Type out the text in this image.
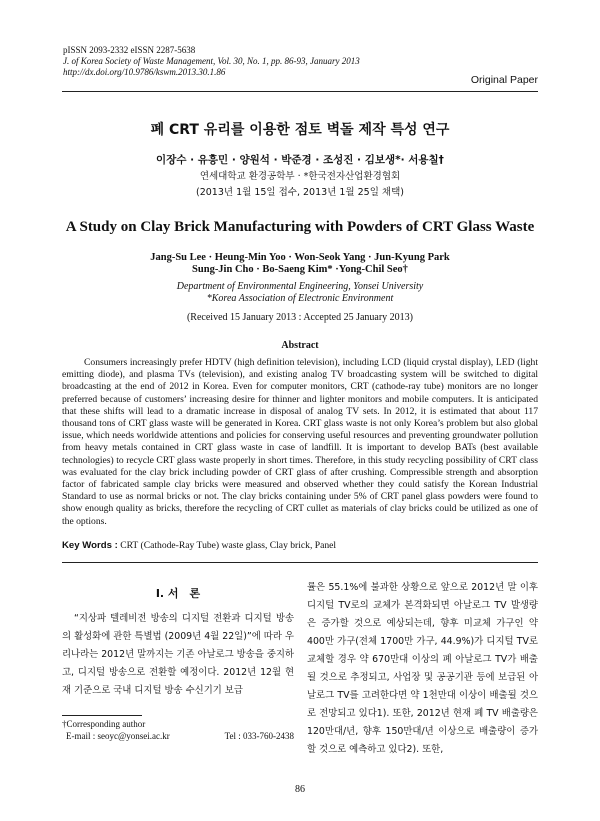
pISSN 2093-2332 eISSN 2287-5638
J. of Korea Society of Waste Management, Vol. 30, No. 1, pp. 86-93, January 2013
http://dx.doi.org/10.9786/kswm.2013.30.1.86
Original Paper
폐 CRT 유리를 이용한 점토 벽돌 제작 특성 연구
이장수 · 유흥민 · 양원석 · 박준경 · 조성진 · 김보생*· 서용칠†
연세대학교 환경공학부 · *한국전자산업환경협회
(2013년 1월 15일 접수, 2013년 1월 25일 채택)
A Study on Clay Brick Manufacturing with Powders of CRT Glass Waste
Jang-Su Lee · Heung-Min Yoo · Won-Seok Yang · Jun-Kyung Park
Sung-Jin Cho · Bo-Saeng Kim* ·Yong-Chil Seo†
Department of Environmental Engineering, Yonsei University
*Korea Association of Electronic Environment
(Received 15 January 2013 : Accepted 25 January 2013)
Abstract

Consumers increasingly prefer HDTV (high definition television), including LCD (liquid crystal display), LED (light emitting diode), and plasma TVs (television), and existing analog TV broadcasting system will be switched to digital broadcasting at the end of 2012 in Korea. Even for computer monitors, CRT (cathode-ray tube) monitors are no longer preferred because of customers’ increasing desire for thinner and lighter monitors and mobile computers. It is anticipated that these shifts will lead to a dramatic increase in disposal of analog TV sets. In 2012, it is estimated that about 117 thousand tons of CRT glass waste will be generated in Korea. CRT glass waste is not only Korea’s problem but also global issue, which needs worldwide attentions and policies for conserving useful resources and preventing groundwater pollution from heavy metals contained in CRT glass waste in case of landfill. It is important to develop BATs (best available technologies) to recycle CRT glass waste properly in short times. Therefore, in this study recycling possibility of CRT class was evaluated for the clay brick including powder of CRT glass of after crushing. Compressible strength and absorption factor of fabricated sample clay bricks were measured and observed whether they could satisfy the Korean Industrial Standard to use as normal bricks or not. The clay bricks containing under 5% of CRT panel glass powders were found to show enough quality as bricks, therefore the recycling of CRT cullet as materials of clay bricks could be utilized as one of the options.

Key Words : CRT (Cathode-Ray Tube) waste glass, Clay brick, Panel
I. 서　론

“지상파 텔레비전 방송의 디지털 전환과 디지털 방송의 활성화에 관한 특별법 (2009년 4월 22일)”에 따라 우리나라는 2012년 말까지는 기존 아날로그 방송을 중지하고, 디지털 방송으로 전환할 예정이다. 2012년 12월 현재 기준으로 국내 디지털 방송 수신기기 보급

률은 55.1%에 불과한 상황으로 앞으로 2012년 말 이후 디지털 TV로의 교체가 본격화되면 아날로그 TV 발생량은 증가할 것으로 예상되는데, 향후 미교체 가구인 약 400만 가구(전체 1700만 가구, 44.9%)가 디지털 TV로 교체할 경우 약 670만대 이상의 폐 아날로그 TV가 배출될 것으로 추정되고, 사업장 및 공공기관 등에 보급된 아날로그 TV를 고려한다면 약 1천만대 이상이 배출될 것으로 전망되고 있다1). 또한, 2012년 현재 폐 TV 배출량은 120만대/년, 향후 150만대/년 이상으로 배출량이 증가할 것으로 예측하고 있다2). 또한,

†Corresponding author
E-mail : seoyc@yonsei.ac.kr	Tel : 033-760-2438
86
